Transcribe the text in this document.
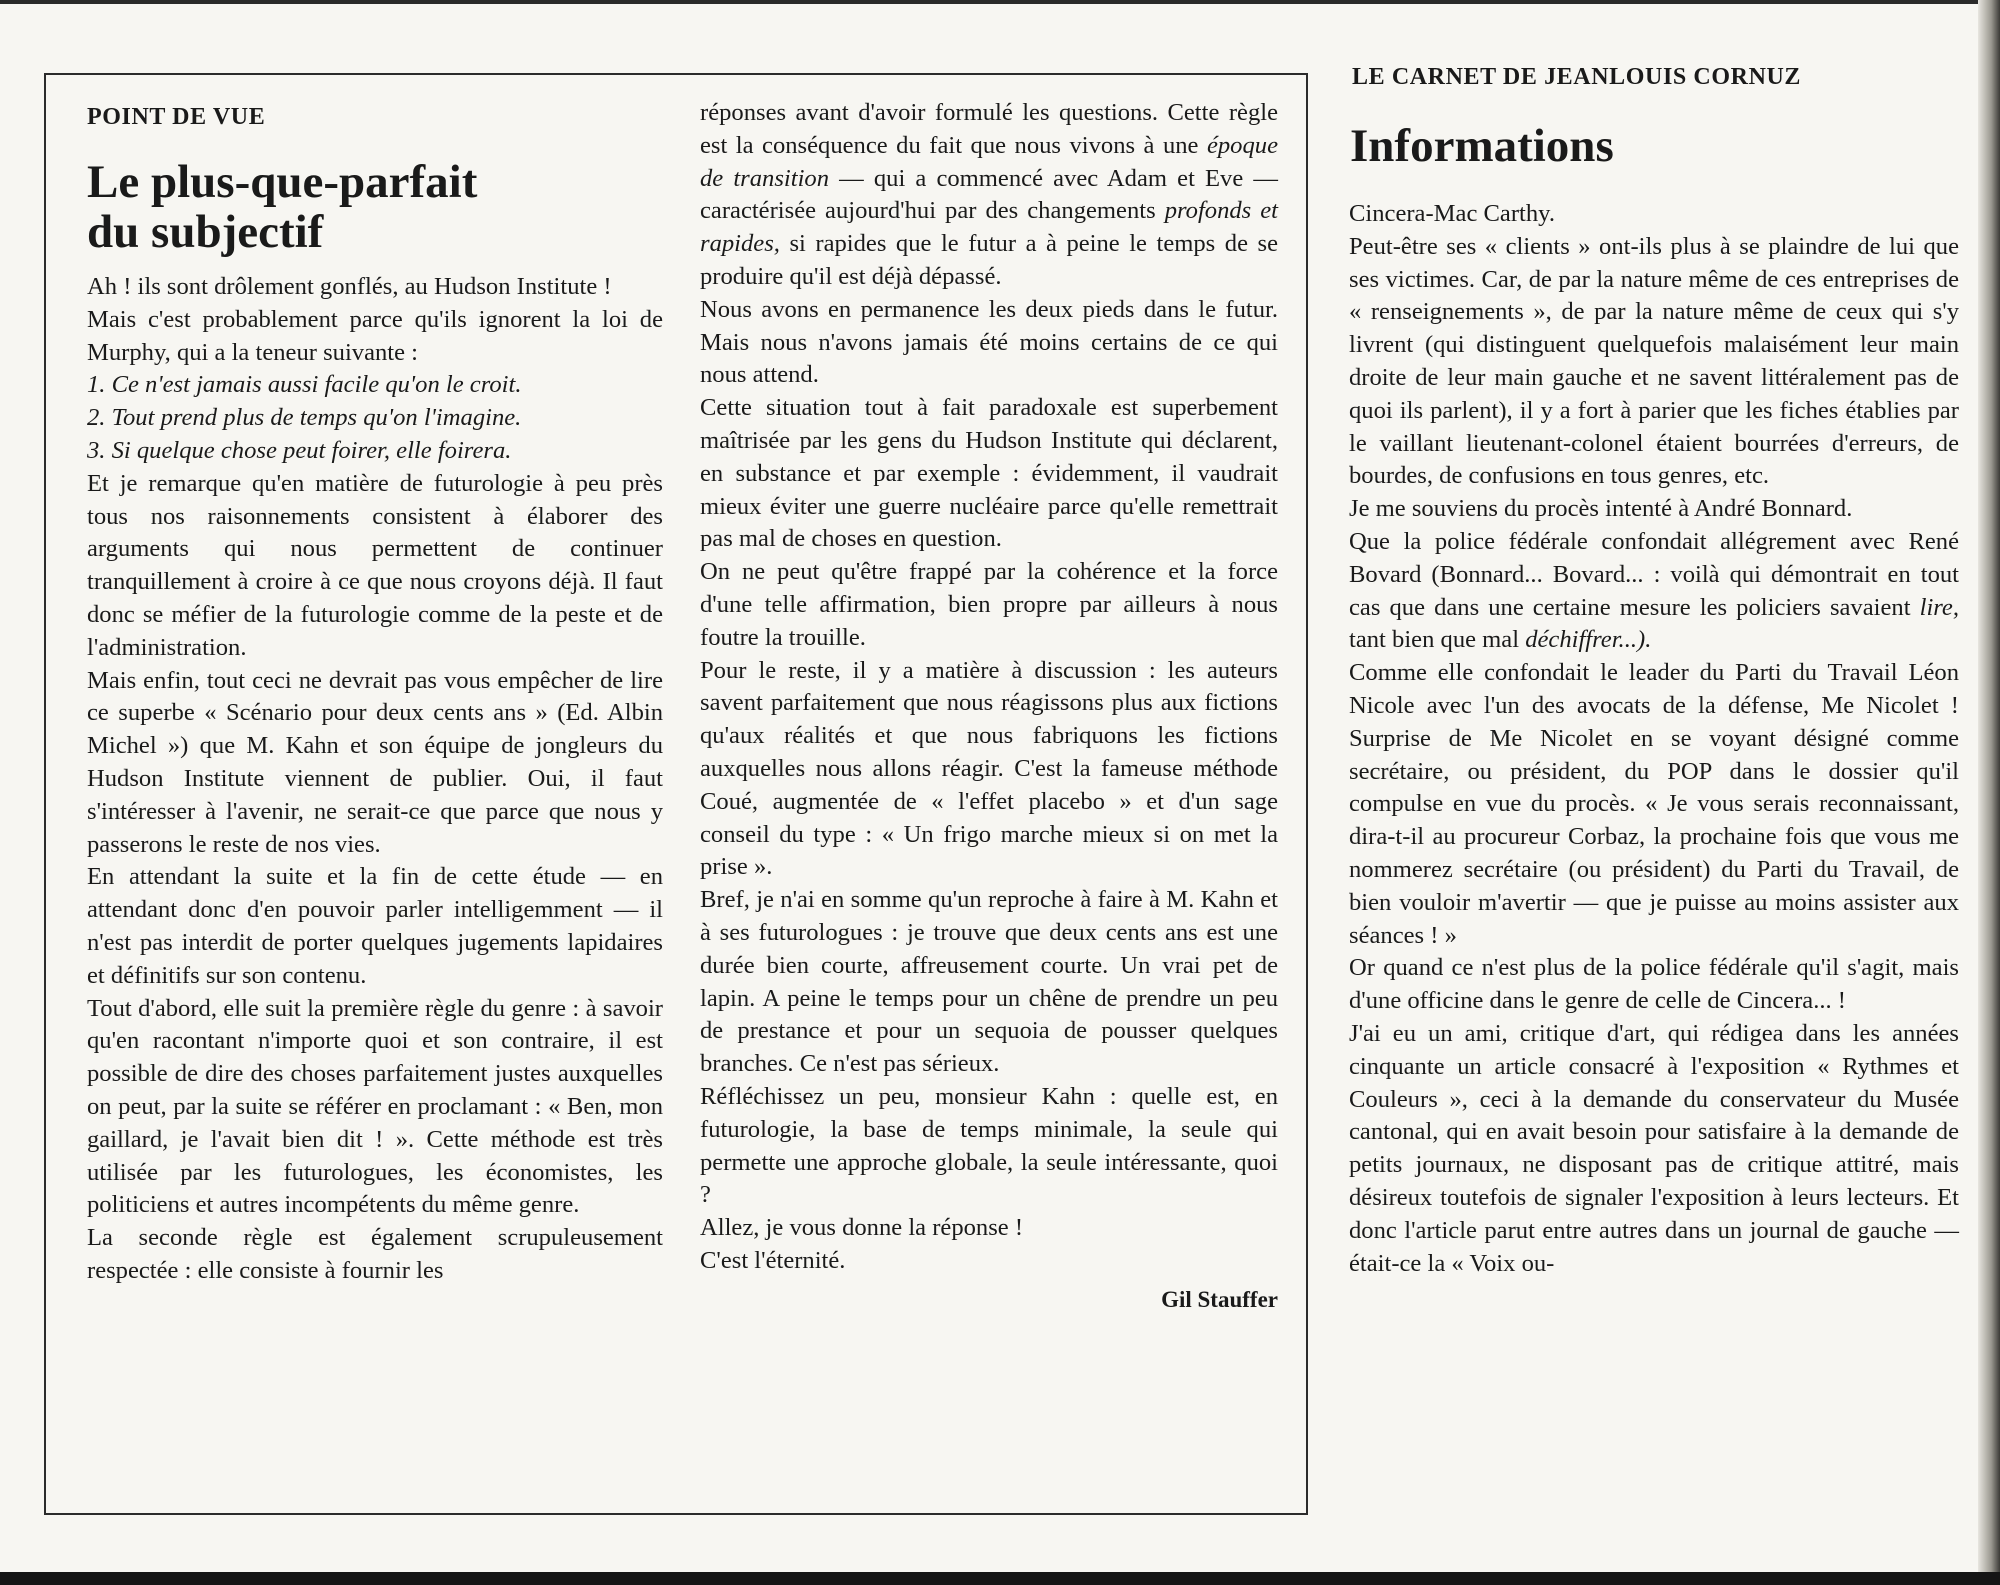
POINT DE VUE
Le plus-que-parfait
du subjectif

Ah ! ils sont drôlement gonflés, au Hudson Institute !

Mais c'est probablement parce qu'ils ignorent la loi de Murphy, qui a la teneur suivante :

1. Ce n'est jamais aussi facile qu'on le croit.

2. Tout prend plus de temps qu'on l'imagine.

3. Si quelque chose peut foirer, elle foirera.

Et je remarque qu'en matière de futurologie à peu près tous nos raisonnements consistent à élaborer des arguments qui nous permettent de continuer tranquillement à croire à ce que nous croyons déjà. Il faut donc se méfier de la futurologie comme de la peste et de l'administration.

Mais enfin, tout ceci ne devrait pas vous empêcher de lire ce superbe « Scénario pour deux cents ans » (Ed. Albin Michel ») que M. Kahn et son équipe de jongleurs du Hudson Institute viennent de publier. Oui, il faut s'intéresser à l'avenir, ne serait-ce que parce que nous y passerons le reste de nos vies.

En attendant la suite et la fin de cette étude — en attendant donc d'en pouvoir parler intelligemment — il n'est pas interdit de porter quelques jugements lapidaires et définitifs sur son contenu.

Tout d'abord, elle suit la première règle du genre : à savoir qu'en racontant n'importe quoi et son contraire, il est possible de dire des choses parfaitement justes auxquelles on peut, par la suite se référer en proclamant : « Ben, mon gaillard, je l'avait bien dit ! ». Cette méthode est très utilisée par les futurologues, les économistes, les politiciens et autres incompétents du même genre.

La seconde règle est également scrupuleusement respectée : elle consiste à fournir les

réponses avant d'avoir formulé les questions. Cette règle est la conséquence du fait que nous vivons à une époque de transition — qui a commencé avec Adam et Eve — caractérisée aujourd'hui par des changements profonds et rapides, si rapides que le futur a à peine le temps de se produire qu'il est déjà dépassé.

Nous avons en permanence les deux pieds dans le futur. Mais nous n'avons jamais été moins certains de ce qui nous attend.

Cette situation tout à fait paradoxale est superbement maîtrisée par les gens du Hudson Institute qui déclarent, en substance et par exemple : évidemment, il vaudrait mieux éviter une guerre nucléaire parce qu'elle remettrait pas mal de choses en question.

On ne peut qu'être frappé par la cohérence et la force d'une telle affirmation, bien propre par ailleurs à nous foutre la trouille.

Pour le reste, il y a matière à discussion : les auteurs savent parfaitement que nous réagissons plus aux fictions qu'aux réalités et que nous fabriquons les fictions auxquelles nous allons réagir. C'est la fameuse méthode Coué, augmentée de « l'effet placebo » et d'un sage conseil du type : « Un frigo marche mieux si on met la prise ».

Bref, je n'ai en somme qu'un reproche à faire à M. Kahn et à ses futurologues : je trouve que deux cents ans est une durée bien courte, affreusement courte. Un vrai pet de lapin. A peine le temps pour un chêne de prendre un peu de prestance et pour un sequoia de pousser quelques branches. Ce n'est pas sérieux.

Réfléchissez un peu, monsieur Kahn : quelle est, en futurologie, la base de temps minimale, la seule qui permette une approche globale, la seule intéressante, quoi ?

Allez, je vous donne la réponse !

C'est l'éternité.

Gil Stauffer
LE CARNET DE JEANLOUIS CORNUZ
Informations

Cincera-Mac Carthy.

Peut-être ses « clients » ont-ils plus à se plaindre de lui que ses victimes. Car, de par la nature même de ces entreprises de « renseignements », de par la nature même de ceux qui s'y livrent (qui distinguent quelquefois malaisément leur main droite de leur main gauche et ne savent littéralement pas de quoi ils parlent), il y a fort à parier que les fiches établies par le vaillant lieutenant-colonel étaient bourrées d'erreurs, de bourdes, de confusions en tous genres, etc.

Je me souviens du procès intenté à André Bonnard.

Que la police fédérale confondait allégrement avec René Bovard (Bonnard... Bovard... : voilà qui démontrait en tout cas que dans une certaine mesure les policiers savaient lire, tant bien que mal déchiffrer...).

Comme elle confondait le leader du Parti du Travail Léon Nicole avec l'un des avocats de la défense, Me Nicolet ! Surprise de Me Nicolet en se voyant désigné comme secrétaire, ou président, du POP dans le dossier qu'il compulse en vue du procès. « Je vous serais reconnaissant, dira-t-il au procureur Corbaz, la prochaine fois que vous me nommerez secrétaire (ou président) du Parti du Travail, de bien vouloir m'avertir — que je puisse au moins assister aux séances ! »

Or quand ce n'est plus de la police fédérale qu'il s'agit, mais d'une officine dans le genre de celle de Cincera... !

J'ai eu un ami, critique d'art, qui rédigea dans les années cinquante un article consacré à l'exposition « Rythmes et Couleurs », ceci à la demande du conservateur du Musée cantonal, qui en avait besoin pour satisfaire à la demande de petits journaux, ne disposant pas de critique attitré, mais désireux toutefois de signaler l'exposition à leurs lecteurs. Et donc l'article parut entre autres dans un journal de gauche — était-ce la « Voix ou-
